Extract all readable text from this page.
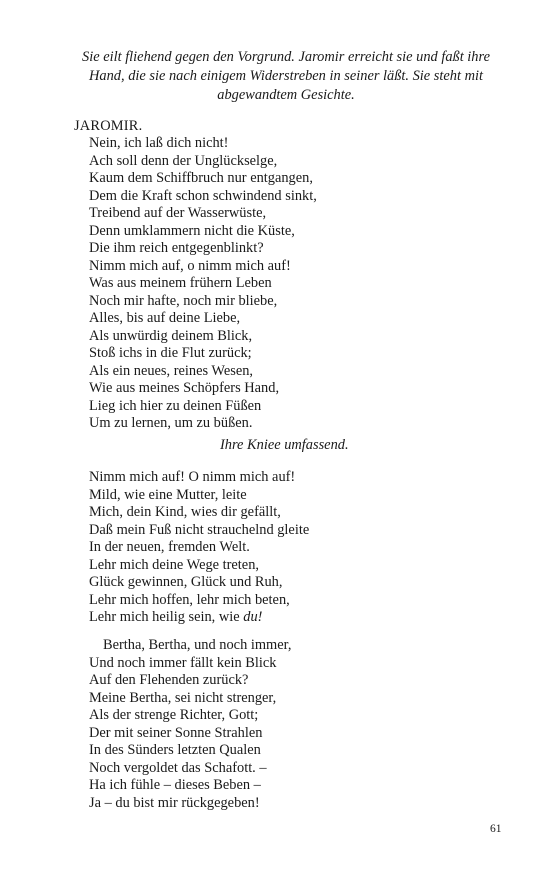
Sie eilt fliehend gegen den Vorgrund. Jaromir erreicht sie und faßt ihre
Hand, die sie nach einigem Widerstreben in seiner läßt. Sie steht mit
abgewandtem Gesichte.
JAROMIR.
Nein, ich laß dich nicht!
Ach soll denn der Unglückselge,
Kaum dem Schiffbruch nur entgangen,
Dem die Kraft schon schwindend sinkt,
Treibend auf der Wasserwüste,
Denn umklammern nicht die Küste,
Die ihm reich entgegenblinkt?
Nimm mich auf, o nimm mich auf!
Was aus meinem frühern Leben
Noch mir hafte, noch mir bliebe,
Alles, bis auf deine Liebe,
Als unwürdig deinem Blick,
Stoß ichs in die Flut zurück;
Als ein neues, reines Wesen,
Wie aus meines Schöpfers Hand,
Lieg ich hier zu deinen Füßen
Um zu lernen, um zu büßen.
Ihre Kniee umfassend.
Nimm mich auf! O nimm mich auf!
Mild, wie eine Mutter, leite
Mich, dein Kind, wies dir gefällt,
Daß mein Fuß nicht strauchelnd gleite
In der neuen, fremden Welt.
Lehr mich deine Wege treten,
Glück gewinnen, Glück und Ruh,
Lehr mich hoffen, lehr mich beten,
Lehr mich heilig sein, wie du!
Bertha, Bertha, und noch immer,
Und noch immer fällt kein Blick
Auf den Flehenden zurück?
Meine Bertha, sei nicht strenger,
Als der strenge Richter, Gott;
Der mit seiner Sonne Strahlen
In des Sünders letzten Qualen
Noch vergoldet das Schafott. –
Ha ich fühle – dieses Beben –
Ja – du bist mir rückgegeben!
61
